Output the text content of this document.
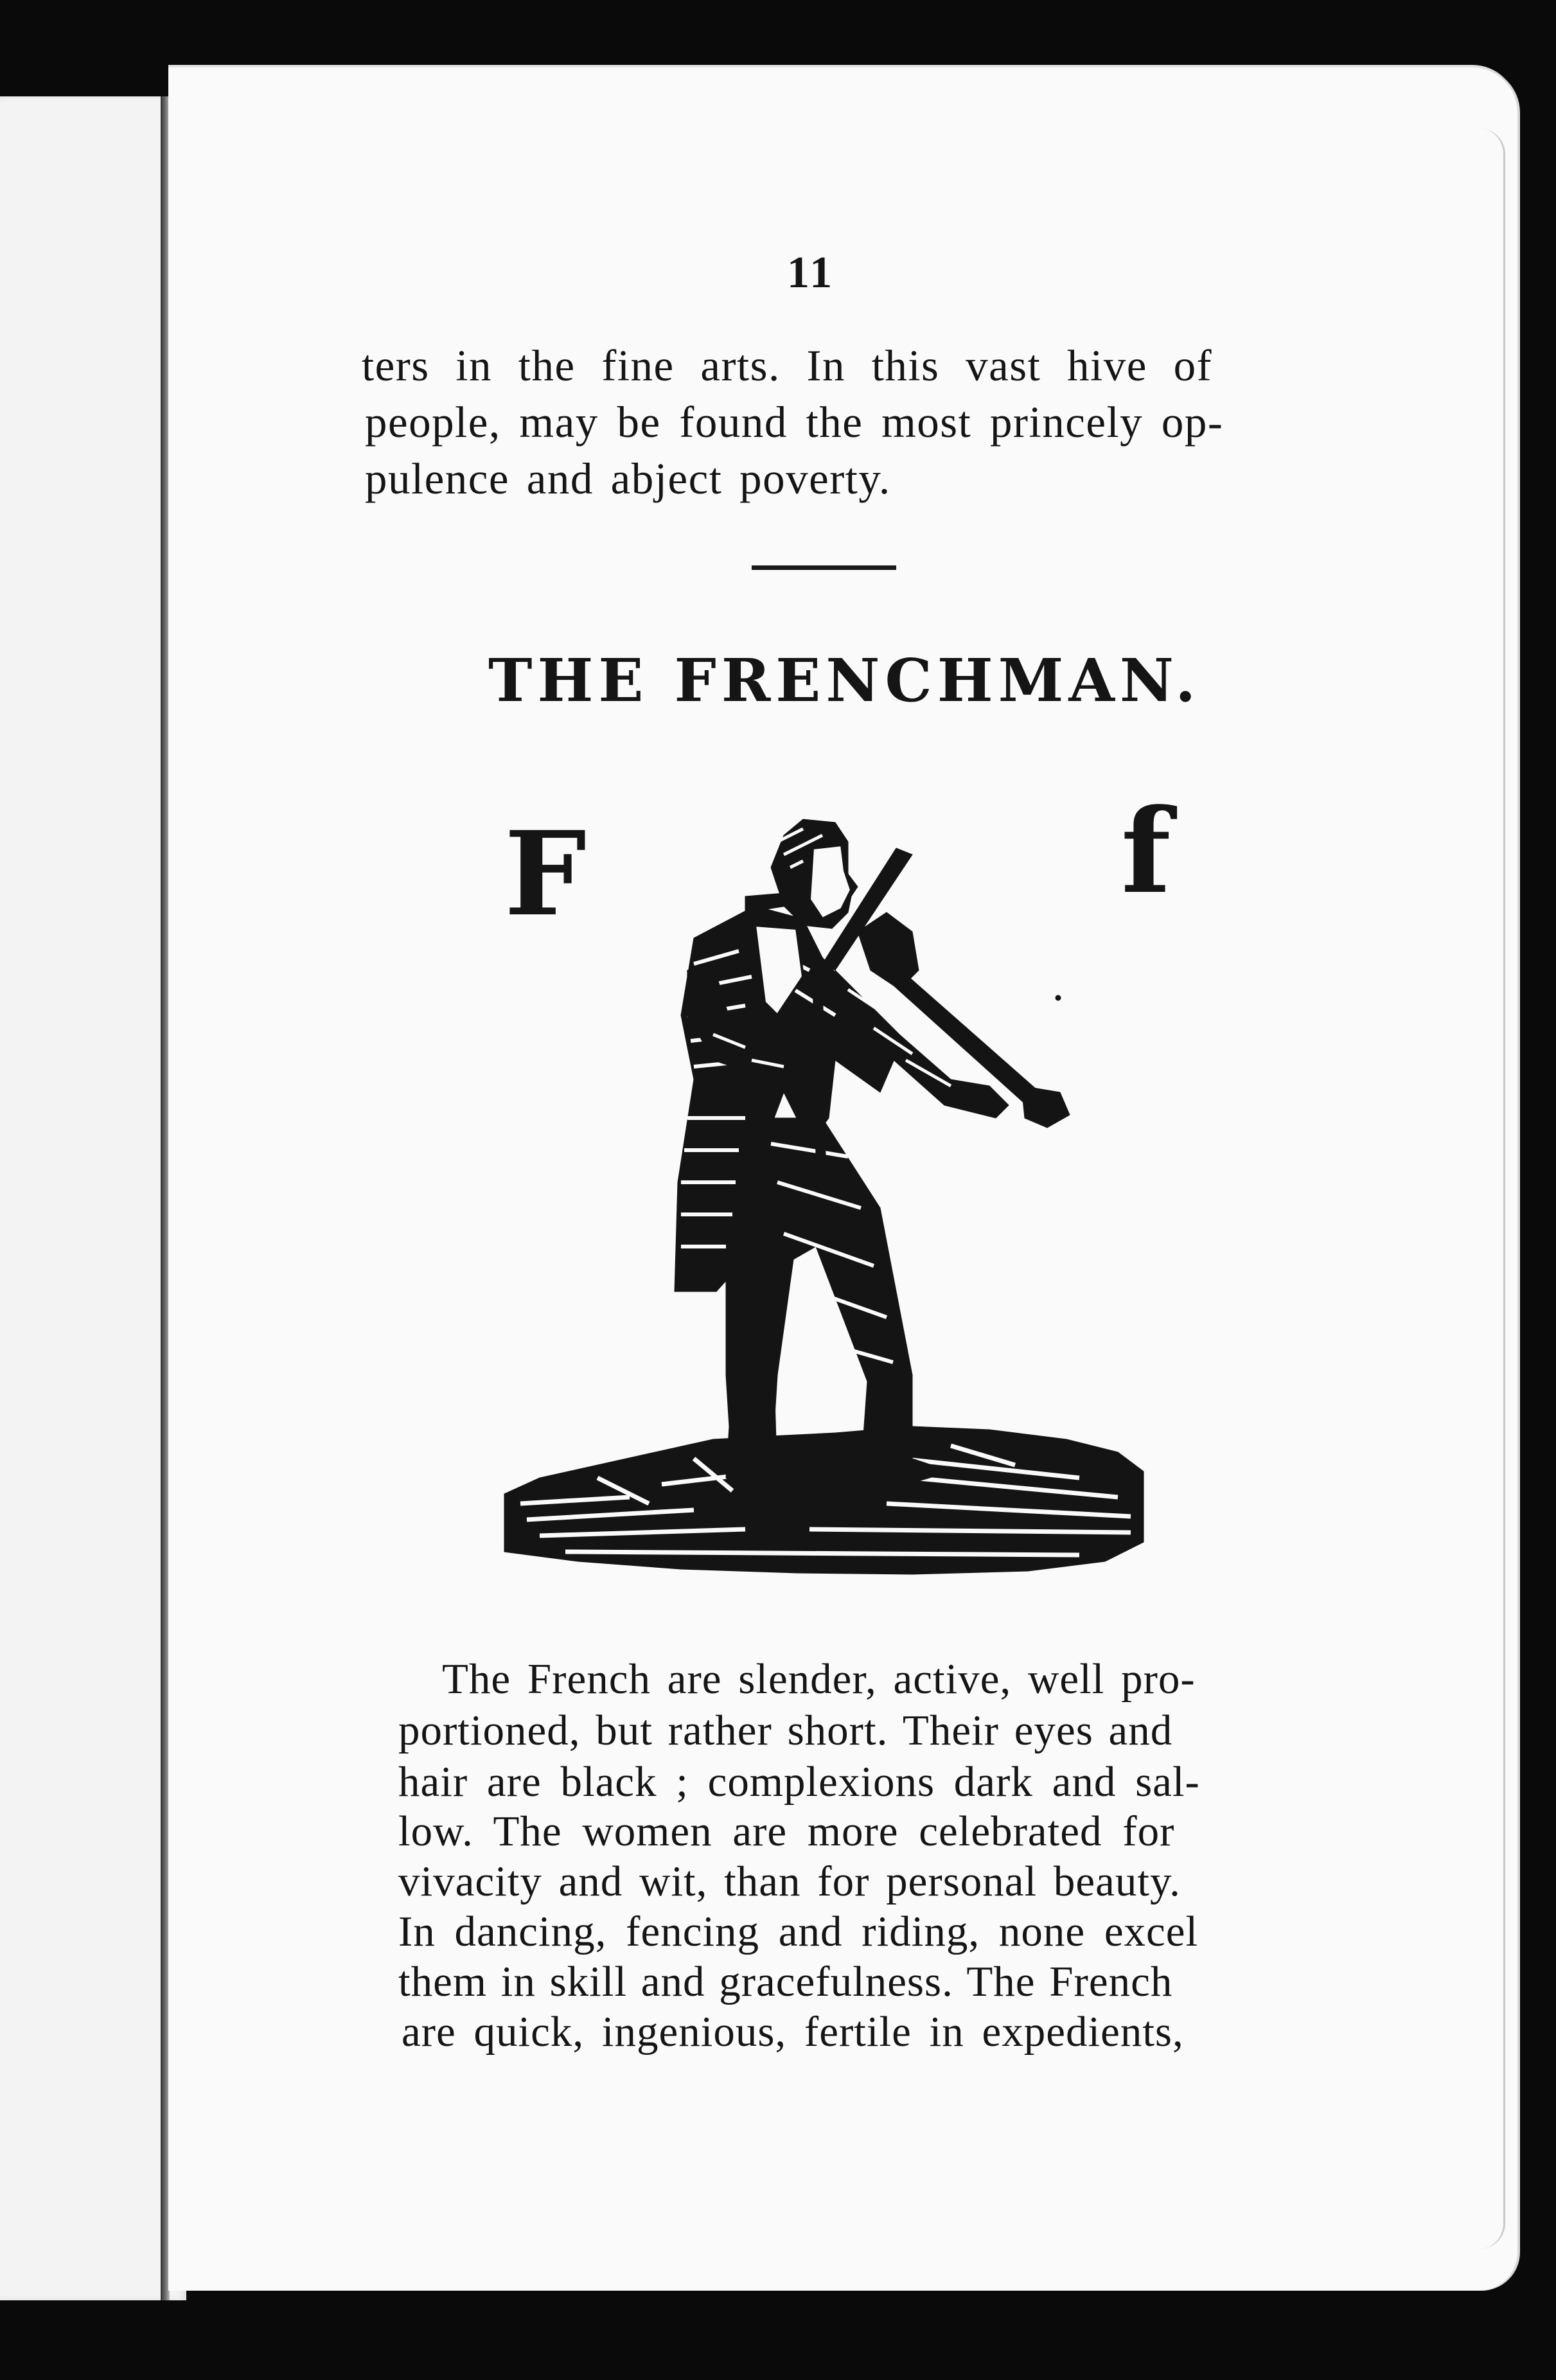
11
ters in the fine arts. In this vast hive of
people, may be found the most princely op-
pulence and abject poverty.
THE FRENCHMAN.
F	f
The French are slender, active, well pro-
portioned, but rather short. Their eyes and
hair are black ; complexions dark and sal-
low. The women are more celebrated for
vivacity and wit, than for personal beauty.
In dancing, fencing and riding, none excel
them in skill and gracefulness. The French
are quick, ingenious, fertile in expedients,
